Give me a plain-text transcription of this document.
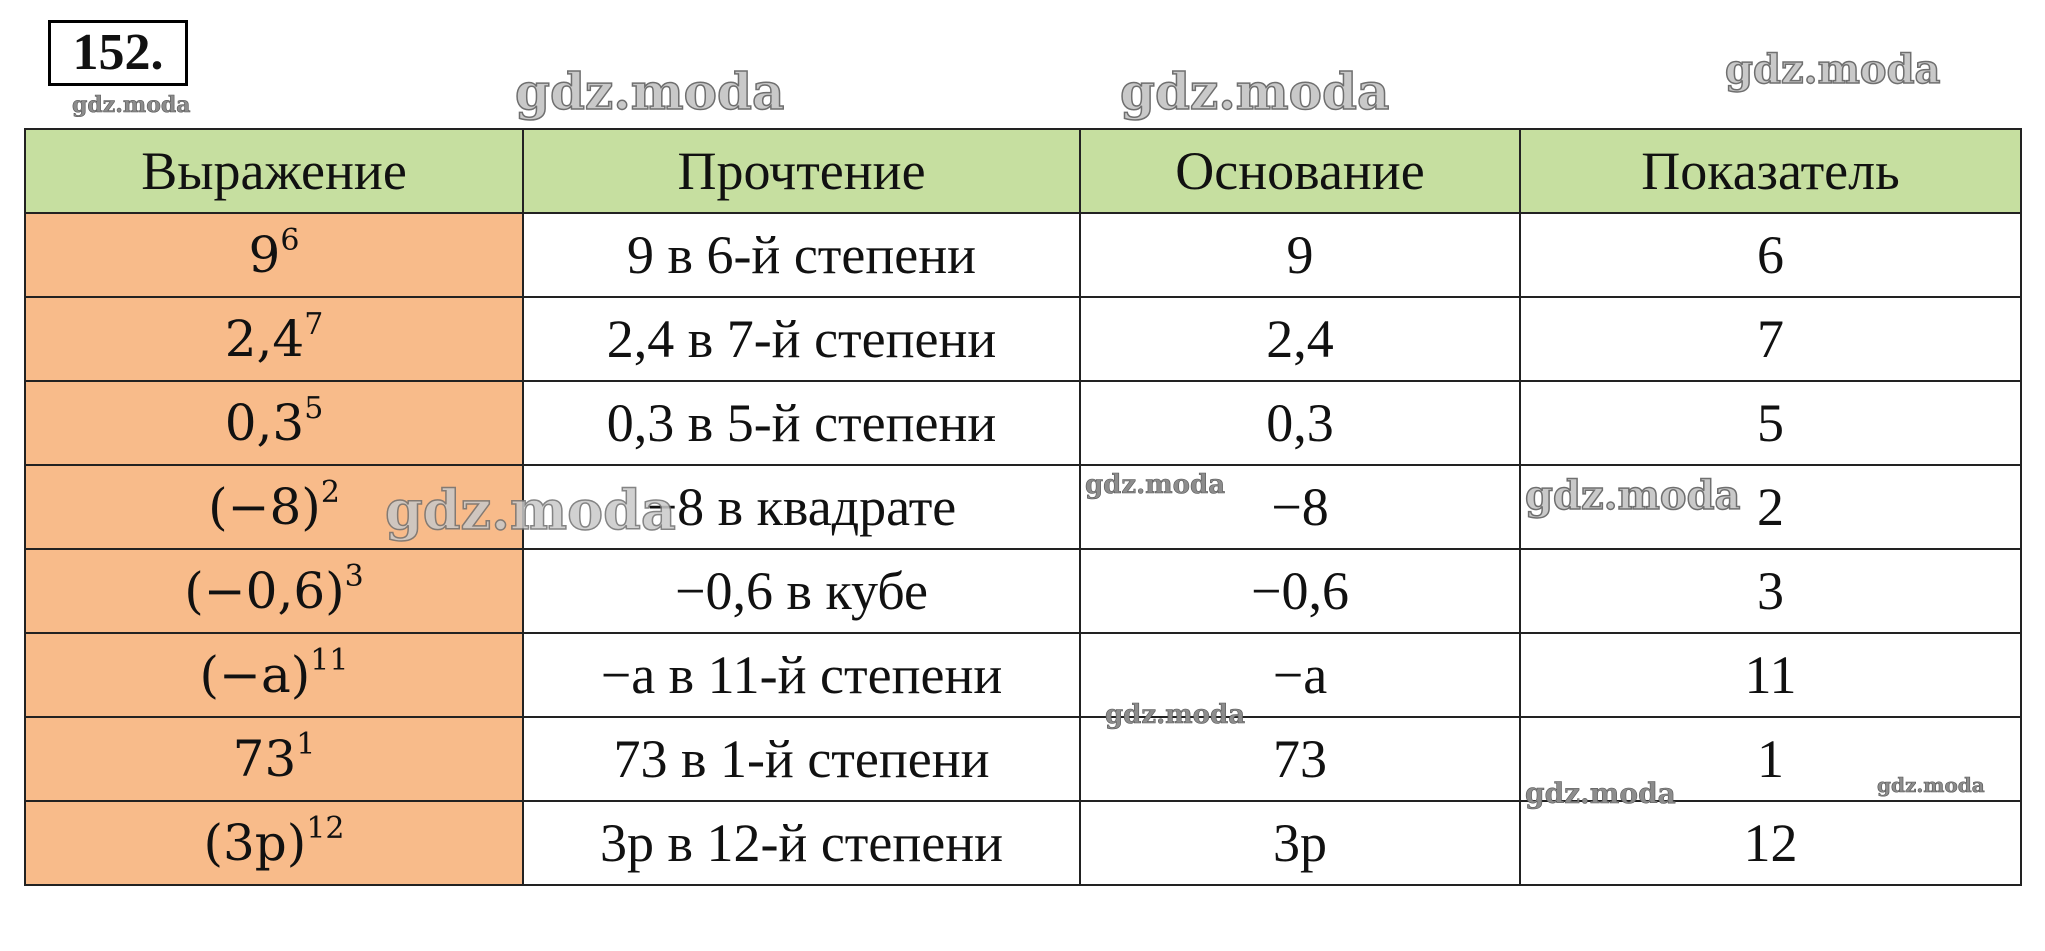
152.
gdz.moda	gdz.moda	gdz.moda	gdz.moda
Выражение	Прочтение	Основание	Показатель
$9^6$	9 в 6-й степени	9	6
$2,4^7$	2,4 в 7-й степени	2,4	7
$0,3^5$	0,3 в 5-й степени	0,3	5
$(-8)^2$	−8 в квадрате	−8	2
$(-0,6)^3$	−0,6 в кубе	−0,6	3
$(-a)^{11}$	−a в 11-й степени	−a	11
$73^1$	73 в 1-й степени	73	1
$(3p)^{12}$	3p в 12-й степени	3p	12
gdz.moda	gdz.moda	gdz.moda
gdz.moda
gdz.moda	gdz.moda
